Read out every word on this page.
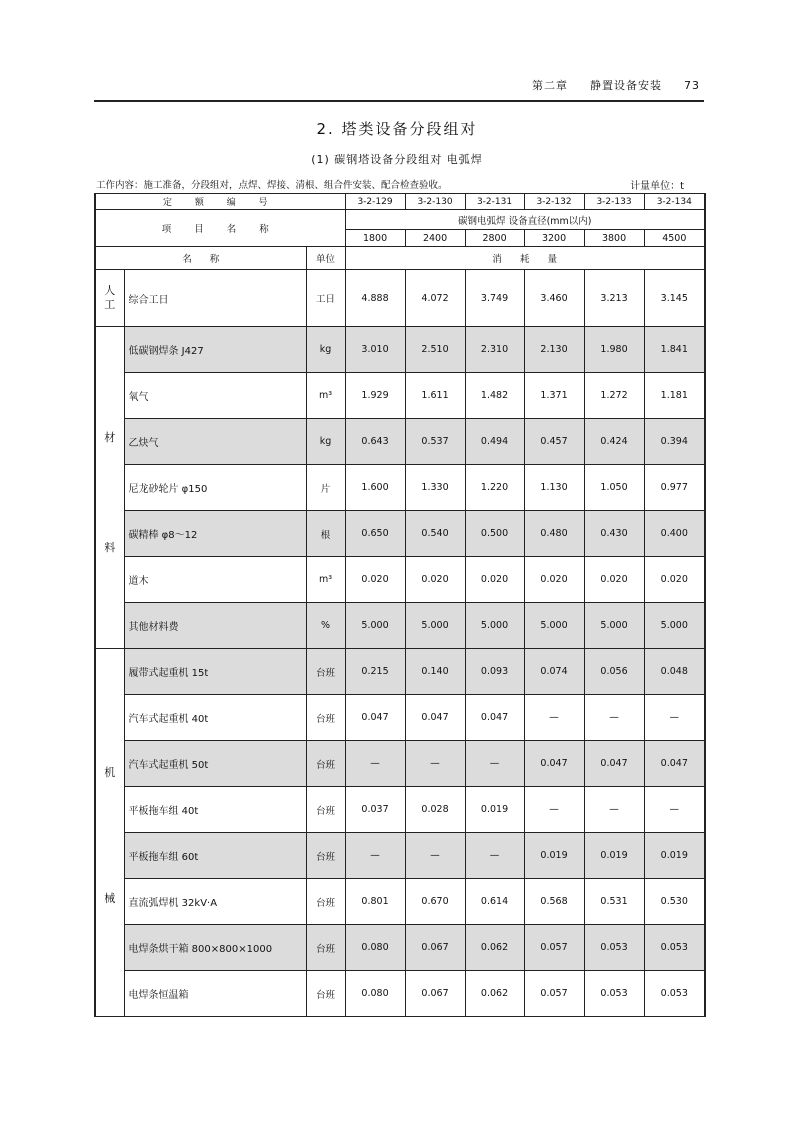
第二章 静置设备安装 73
2. 塔类设备分段组对
(1) 碳钢塔设备分段组对 电弧焊
工作内容：施工准备，分段组对，点焊、焊接、清根、组合件安装、配合检查验收。	计量单位：t
定 额 编 号			3-2-129	3-2-130	3-2-131	3-2-132	3-2-133	3-2-134
项 目 名 称			碳钢电弧焊 设备直径(mm以内)					
			1800	2400	2800	3200	3800	4500
名      称		单位	消      耗      量					

人
工	综合工日	工日	4.888	4.072	3.749	3.460	3.213	3.145

材
料	低碳钢焊条 J427	kg	3.010	2.510	2.310	2.130	1.980	1.841
	氧气	m³	1.929	1.611	1.482	1.371	1.272	1.181
	乙炔气	kg	0.643	0.537	0.494	0.457	0.424	0.394
	尼龙砂轮片 φ150	片	1.600	1.330	1.220	1.130	1.050	0.977
	碳精棒 φ8～12	根	0.650	0.540	0.500	0.480	0.430	0.400
	道木	m³	0.020	0.020	0.020	0.020	0.020	0.020
	其他材料费	%	5.000	5.000	5.000	5.000	5.000	5.000

机
械	履带式起重机 15t	台班	0.215	0.140	0.093	0.074	0.056	0.048
	汽车式起重机 40t	台班	0.047	0.047	0.047	—	—	—
	汽车式起重机 50t	台班	—	—	—	0.047	0.047	0.047
	平板拖车组 40t	台班	0.037	0.028	0.019	—	—	—
	平板拖车组 60t	台班	—	—	—	0.019	0.019	0.019
	直流弧焊机 32kV·A	台班	0.801	0.670	0.614	0.568	0.531	0.530
	电焊条烘干箱 800×800×1000	台班	0.080	0.067	0.062	0.057	0.053	0.053
	电焊条恒温箱	台班	0.080	0.067	0.062	0.057	0.053	0.053
